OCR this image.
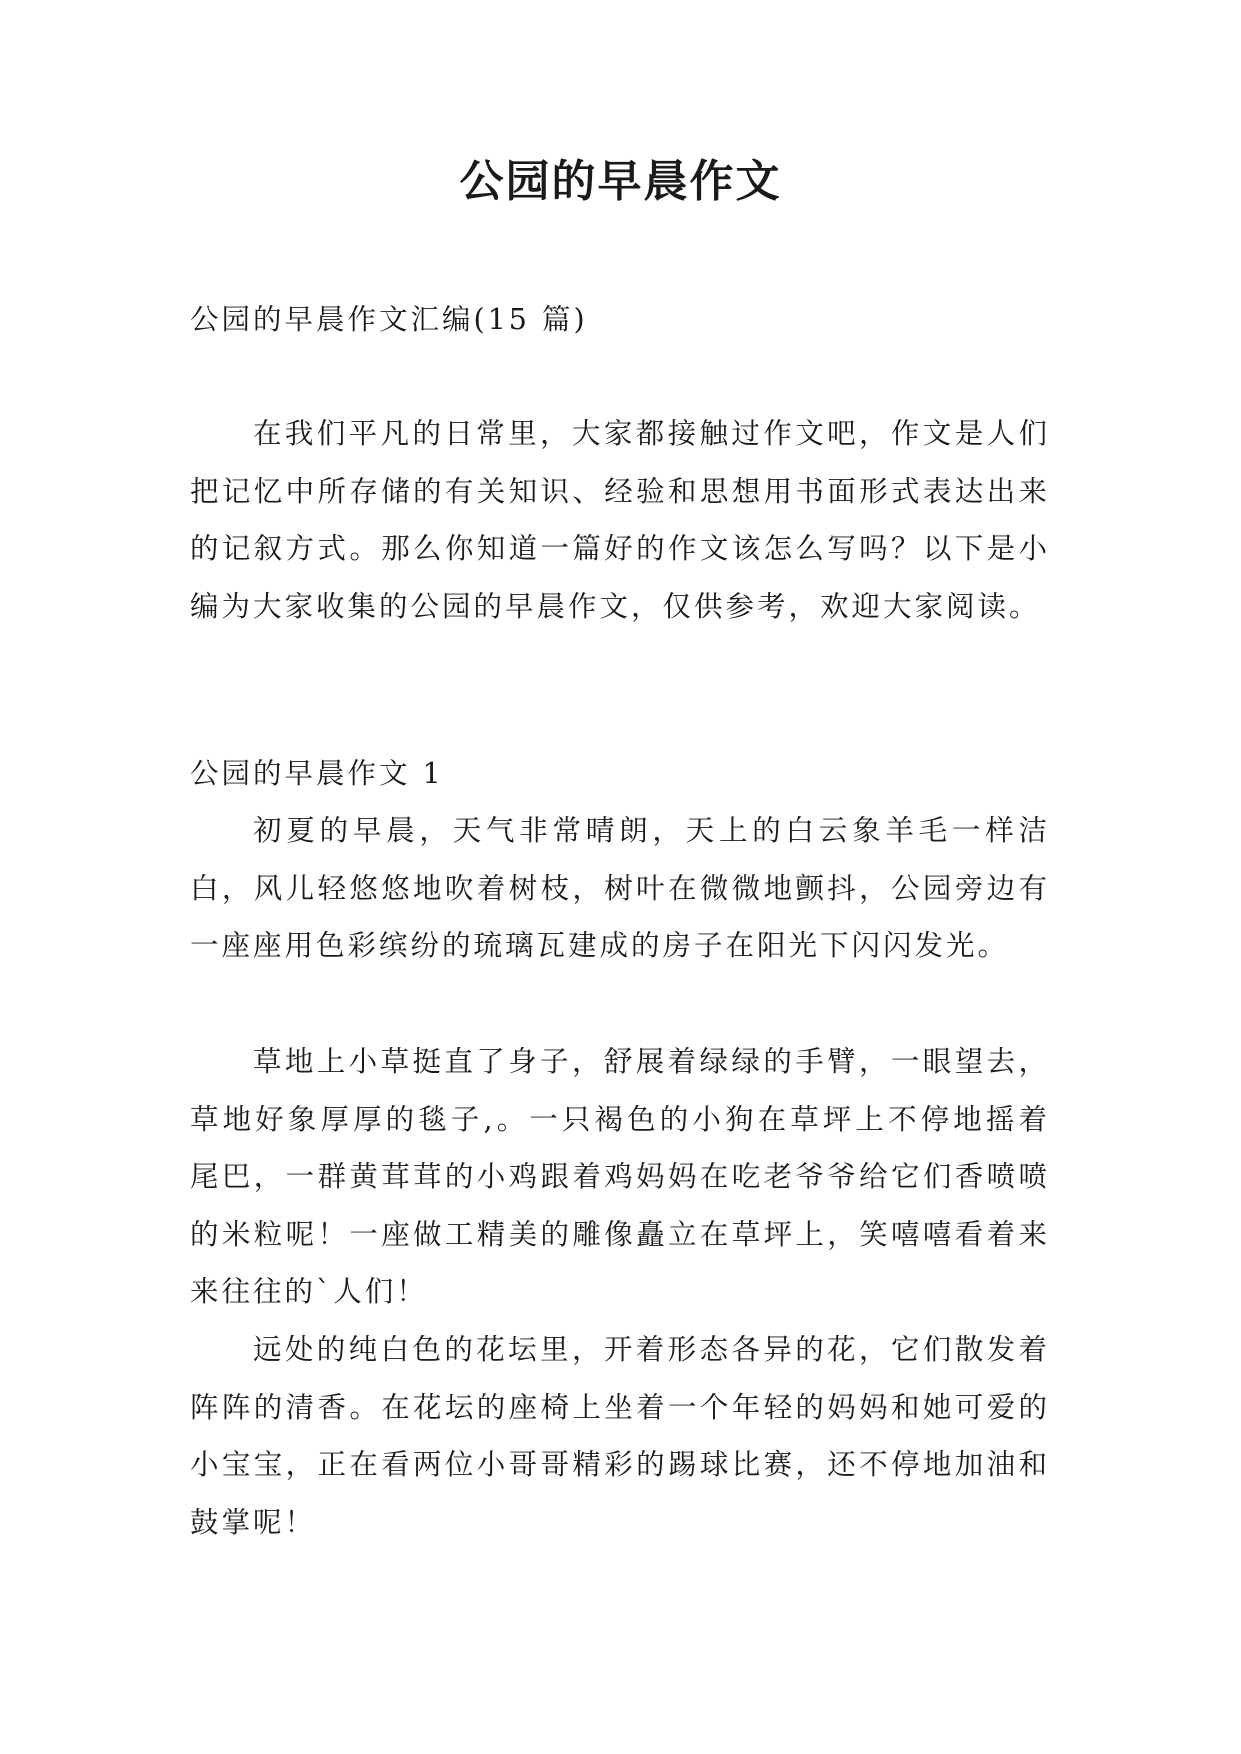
公园的早晨作文

公园的早晨作文汇编(15 篇)

在我们平凡的日常里，大家都接触过作文吧，作文是人们把记忆中所存储的有关知识、经验和思想用书面形式表达出来的记叙方式。那么你知道一篇好的作文该怎么写吗？以下是小编为大家收集的公园的早晨作文，仅供参考，欢迎大家阅读。

公园的早晨作文 1

初夏的早晨，天气非常晴朗，天上的白云象羊毛一样洁白，风儿轻悠悠地吹着树枝，树叶在微微地颤抖，公园旁边有一座座用色彩缤纷的琉璃瓦建成的房子在阳光下闪闪发光。

草地上小草挺直了身子，舒展着绿绿的手臂，一眼望去，草地好象厚厚的毯子,。一只褐色的小狗在草坪上不停地摇着尾巴，一群黄茸茸的小鸡跟着鸡妈妈在吃老爷爷给它们香喷喷的米粒呢！一座做工精美的雕像矗立在草坪上，笑嘻嘻看着来来往往的`人们！

远处的纯白色的花坛里，开着形态各异的花，它们散发着阵阵的清香。在花坛的座椅上坐着一个年轻的妈妈和她可爱的小宝宝，正在看两位小哥哥精彩的踢球比赛，还不停地加油和鼓掌呢！
